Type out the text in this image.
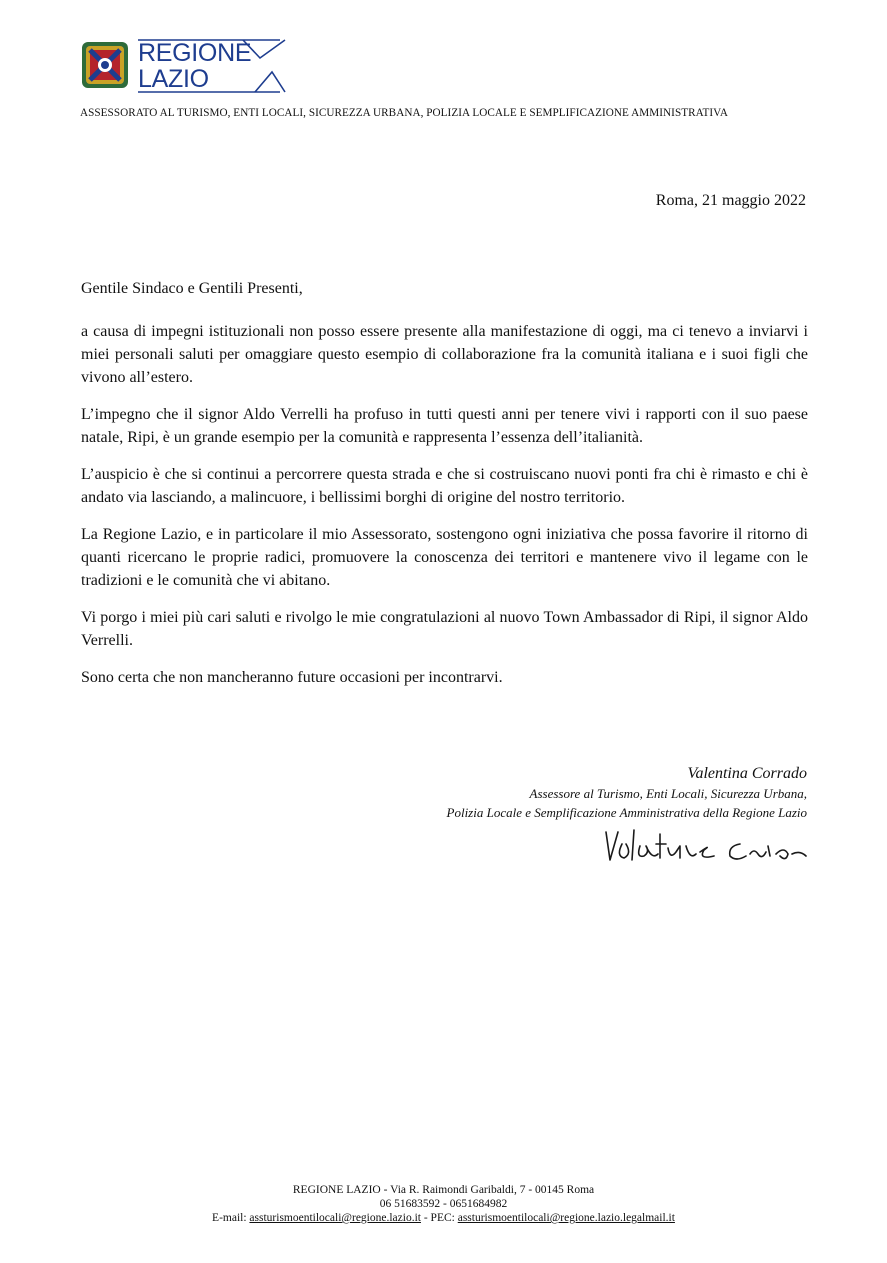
REGIONE
LAZIO
ASSESSORATO AL TURISMO, ENTI LOCALI, SICUREZZA URBANA, POLIZIA LOCALE E SEMPLIFICAZIONE AMMINISTRATIVA
Roma, 21 maggio 2022
Gentile Sindaco e Gentili Presenti,

a causa di impegni istituzionali non posso essere presente alla manifestazione di oggi, ma ci tenevo a inviarvi i miei personali saluti per omaggiare questo esempio di collaborazione fra la comunità italiana e i suoi figli che vivono all’estero.

L’impegno che il signor Aldo Verrelli ha profuso in tutti questi anni per tenere vivi i rapporti con il suo paese natale, Ripi, è un grande esempio per la comunità e rappresenta l’essenza dell’italianità.

L’auspicio è che si continui a percorrere questa strada e che si costruiscano nuovi ponti fra chi è rimasto e chi è andato via lasciando, a malincuore, i bellissimi borghi di origine del nostro territorio.

La Regione Lazio, e in particolare il mio Assessorato, sostengono ogni iniziativa che possa favorire il ritorno di quanti ricercano le proprie radici, promuovere la conoscenza dei territori e mantenere vivo il legame con le tradizioni e le comunità che vi abitano.

Vi porgo i miei più cari saluti e rivolgo le mie congratulazioni al nuovo Town Ambassador di Ripi, il signor Aldo Verrelli.

Sono certa che non mancheranno future occasioni per incontrarvi.

Valentina Corrado
Assessore al Turismo, Enti Locali, Sicurezza Urbana,
Polizia Locale e Semplificazione Amministrativa della Regione Lazio
REGIONE LAZIO - Via R. Raimondi Garibaldi, 7 - 00145 Roma
06 51683592 - 0651684982
E-mail: assturismoentilocali@regione.lazio.it - PEC: assturismoentilocali@regione.lazio.legalmail.it
